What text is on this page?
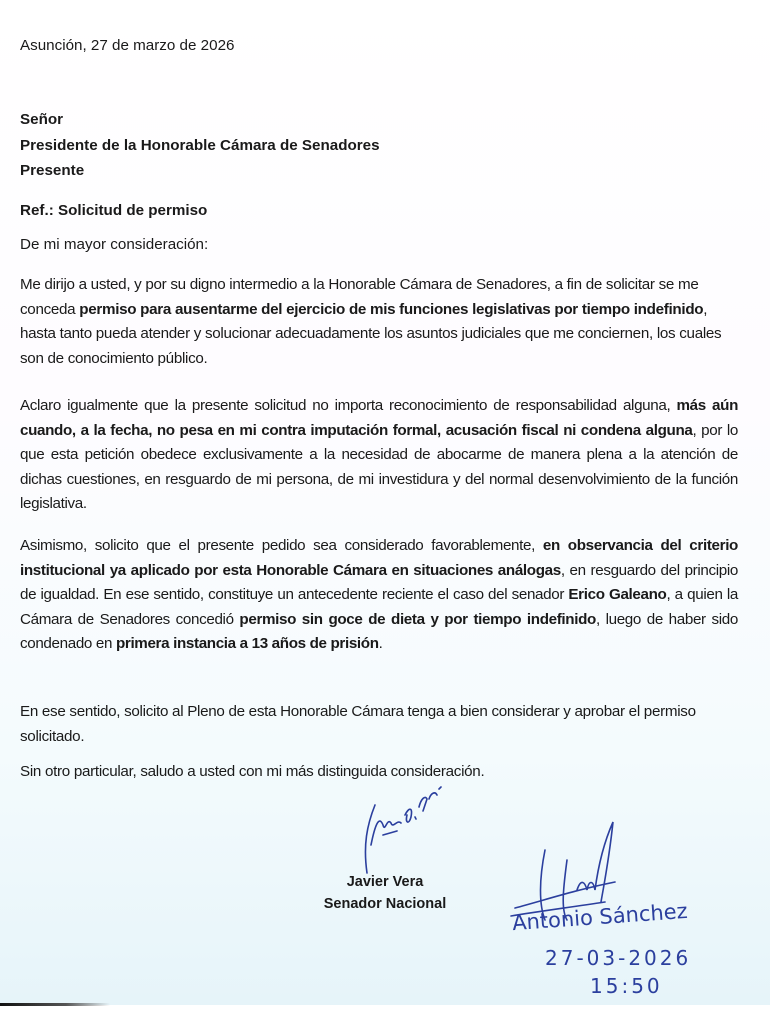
Asunción, 27 de marzo de 2026
Señor
Presidente de la Honorable Cámara de Senadores
Presente
Ref.: Solicitud de permiso
De mi mayor consideración:
Me dirijo a usted, y por su digno intermedio a la Honorable Cámara de Senadores, a fin de solicitar se me conceda permiso para ausentarme del ejercicio de mis funciones legislativas por tiempo indefinido, hasta tanto pueda atender y solucionar adecuadamente los asuntos judiciales que me conciernen, los cuales son de conocimiento público.
Aclaro igualmente que la presente solicitud no importa reconocimiento de responsabilidad alguna, más aún cuando, a la fecha, no pesa en mi contra imputación formal, acusación fiscal ni condena alguna, por lo que esta petición obedece exclusivamente a la necesidad de abocarme de manera plena a la atención de dichas cuestiones, en resguardo de mi persona, de mi investidura y del normal desenvolvimiento de la función legislativa.
Asimismo, solicito que el presente pedido sea considerado favorablemente, en observancia del criterio institucional ya aplicado por esta Honorable Cámara en situaciones análogas, en resguardo del principio de igualdad. En ese sentido, constituye un antecedente reciente el caso del senador Erico Galeano, a quien la Cámara de Senadores concedió permiso sin goce de dieta y por tiempo indefinido, luego de haber sido condenado en primera instancia a 13 años de prisión.
En ese sentido, solicito al Pleno de esta Honorable Cámara tenga a bien considerar y aprobar el permiso solicitado.
Sin otro particular, saludo a usted con mi más distinguida consideración.
Javier Vera
Senador Nacional	Antonio Sánchez
27-03-2026
15:50
